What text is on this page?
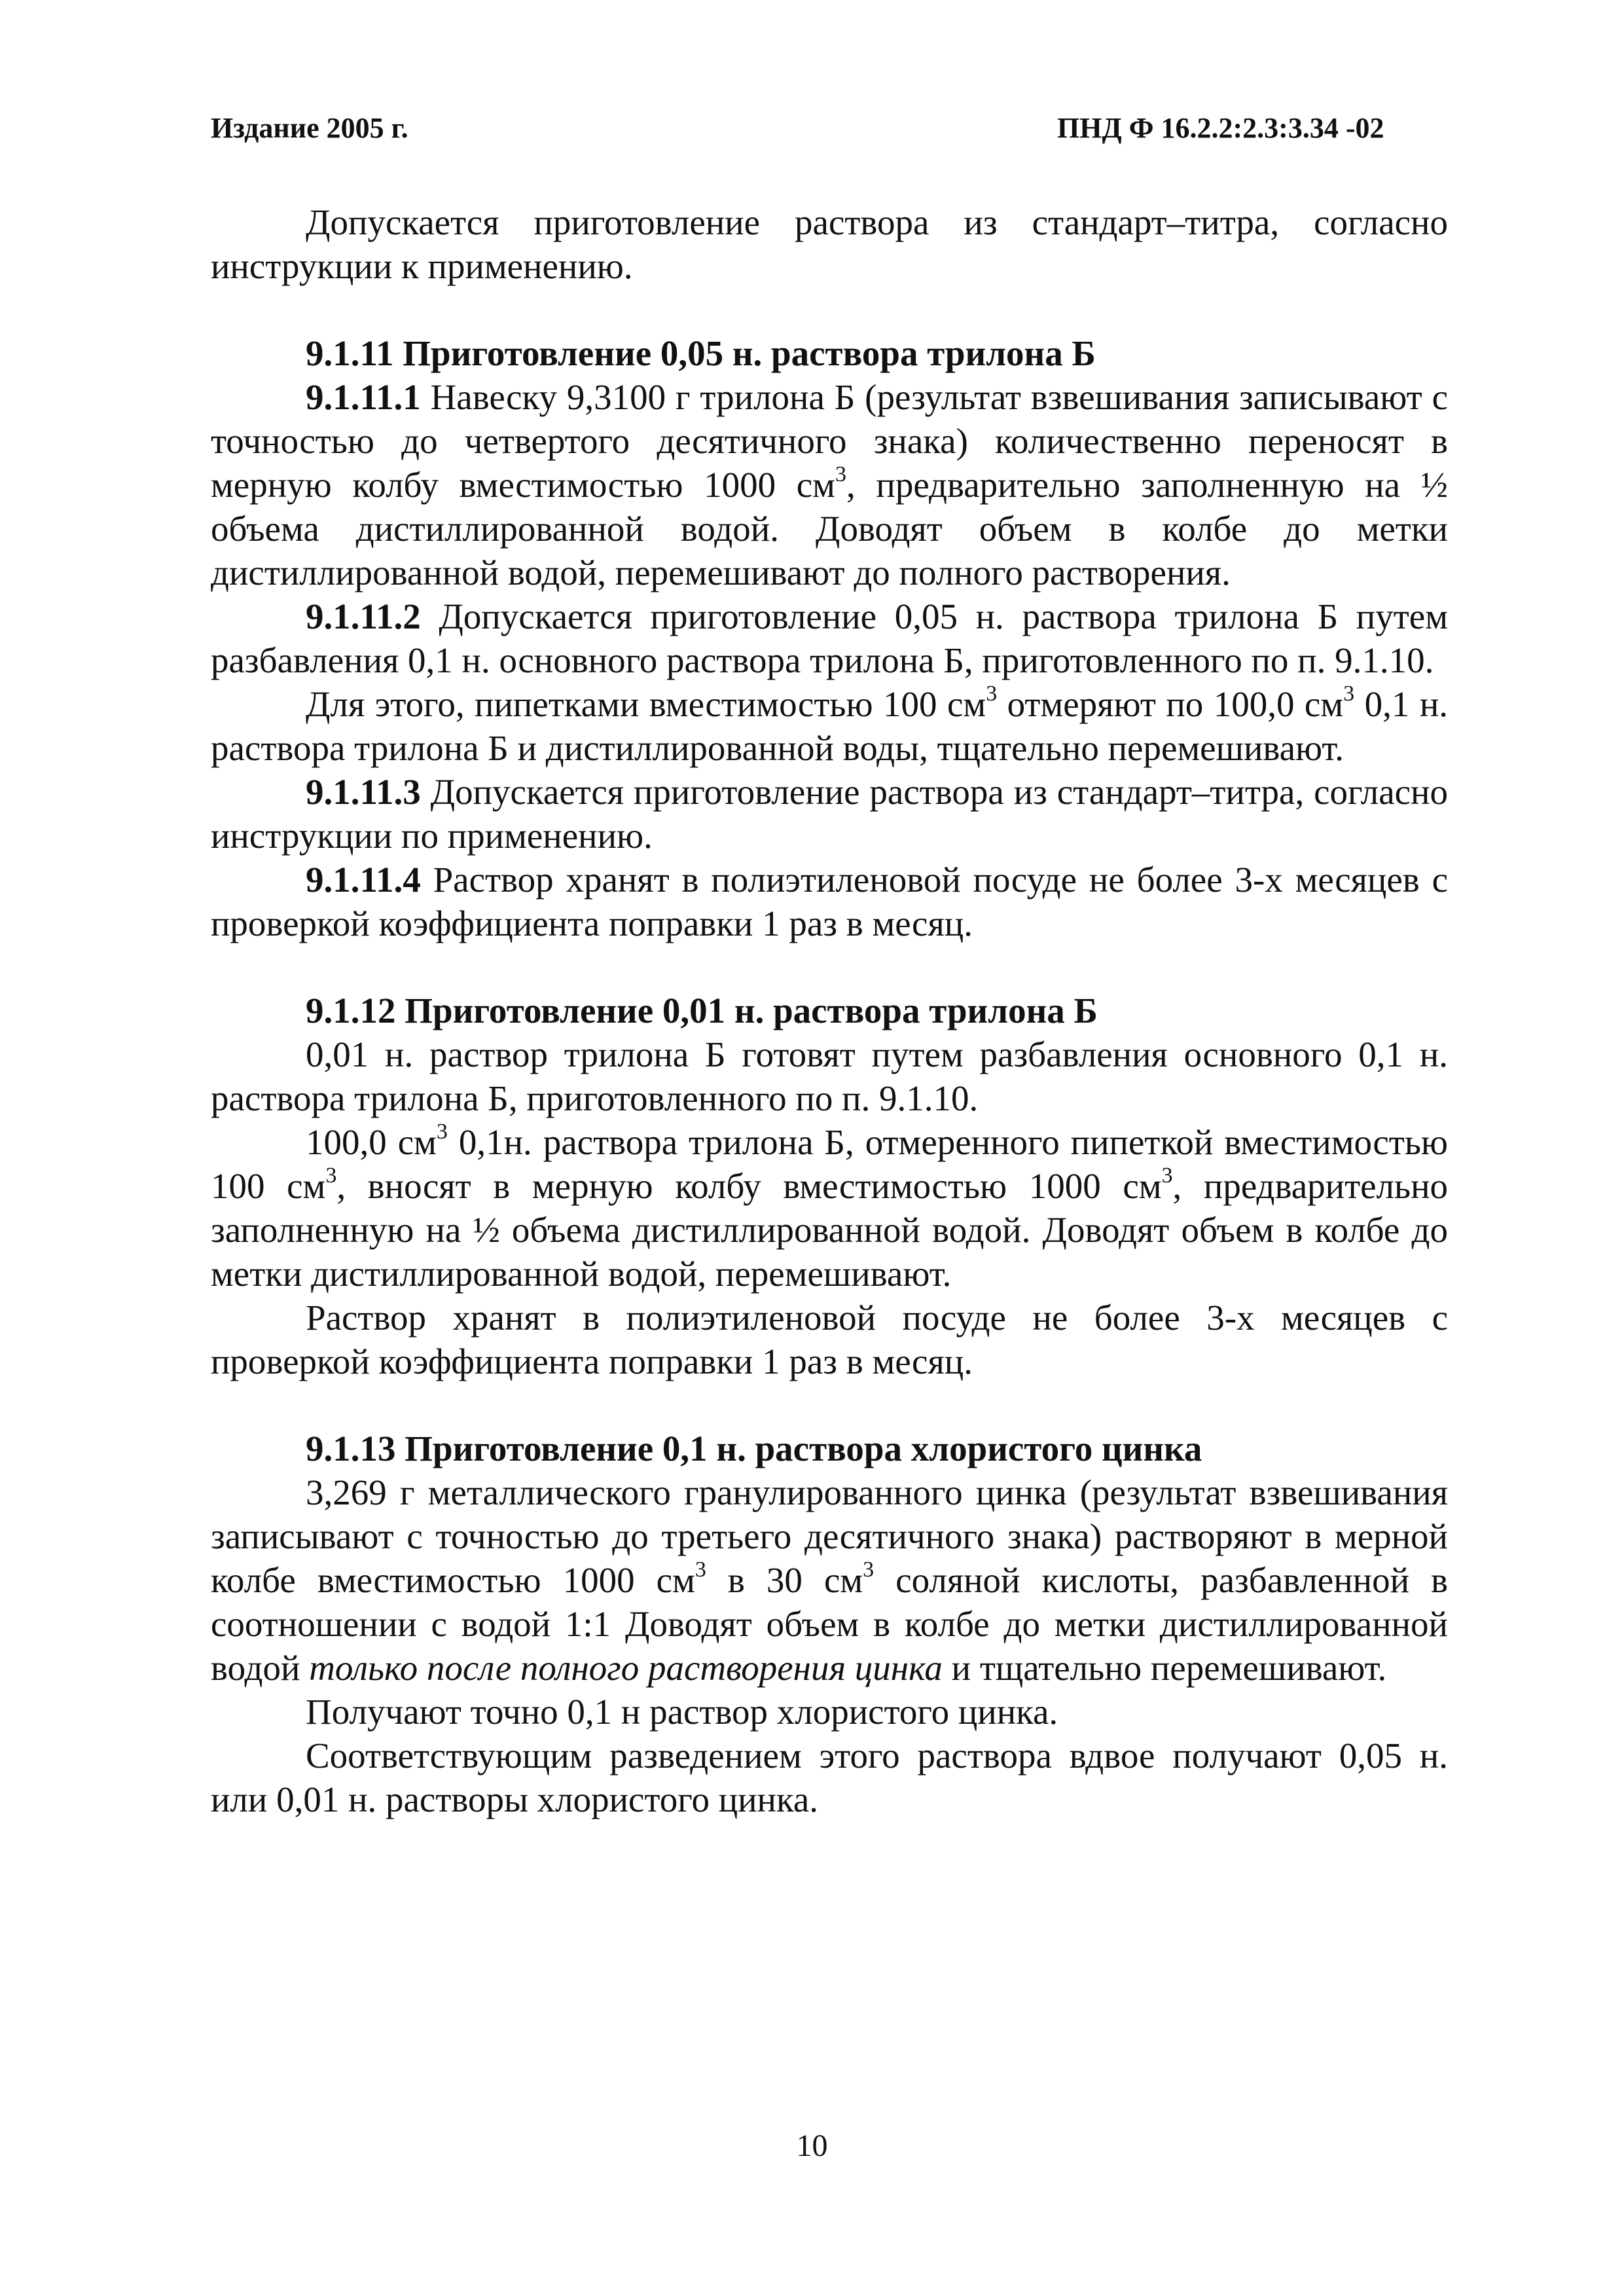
Издание 2005 г.	ПНД Ф 16.2.2:2.3:3.34 -02

Допускается приготовление раствора из стандарт–титра, согласно инструкции к применению.

9.1.11 Приготовление 0,05 н. раствора трилона Б

9.1.11.1 Навеску 9,3100 г трилона Б (результат взвешивания записывают с точностью до четвертого десятичного знака) количественно переносят в мерную колбу вместимостью 1000 $см^3$, предварительно заполненную на ½ объема дистиллированной водой. Доводят объем в колбе до метки дистиллированной водой, перемешивают до полного растворения.

9.1.11.2 Допускается приготовление 0,05 н. раствора трилона Б путем разбавления 0,1 н. основного раствора трилона Б, приготовленного по п. 9.1.10.

Для этого, пипетками вместимостью 100 $см^3$ отмеряют по 100,0 $см^3$ 0,1 н. раствора трилона Б и дистиллированной воды, тщательно перемешивают.

9.1.11.3 Допускается приготовление раствора из стандарт–титра, согласно инструкции по применению.

9.1.11.4 Раствор хранят в полиэтиленовой посуде не более 3-х месяцев с проверкой коэффициента поправки 1 раз в месяц.

9.1.12 Приготовление 0,01 н. раствора трилона Б

0,01 н. раствор трилона Б готовят путем разбавления основного 0,1 н. раствора трилона Б, приготовленного по п. 9.1.10.

100,0 $см^3$ 0,1н. раствора трилона Б, отмеренного пипеткой вместимостью 100 $см^3$, вносят в мерную колбу вместимостью 1000 $см^3$, предварительно заполненную на ½ объема дистиллированной водой. Доводят объем в колбе до метки дистиллированной водой, перемешивают.

Раствор хранят в полиэтиленовой посуде не более 3-х месяцев с проверкой коэффициента поправки 1 раз в месяц.

9.1.13 Приготовление 0,1 н. раствора хлористого цинка

3,269 г металлического гранулированного цинка (результат взвешивания записывают с точностью до третьего десятичного знака) растворяют в мерной колбе вместимостью 1000 $см^3$ в 30 $см^3$ соляной кислоты, разбавленной в соотношении с водой 1:1 Доводят объем в колбе до метки дистиллированной водой только после полного растворения цинка и тщательно перемешивают.

Получают точно 0,1 н раствор хлористого цинка.

Соответствующим разведением этого раствора вдвое получают 0,05 н. или 0,01 н. растворы хлористого цинка.

10
